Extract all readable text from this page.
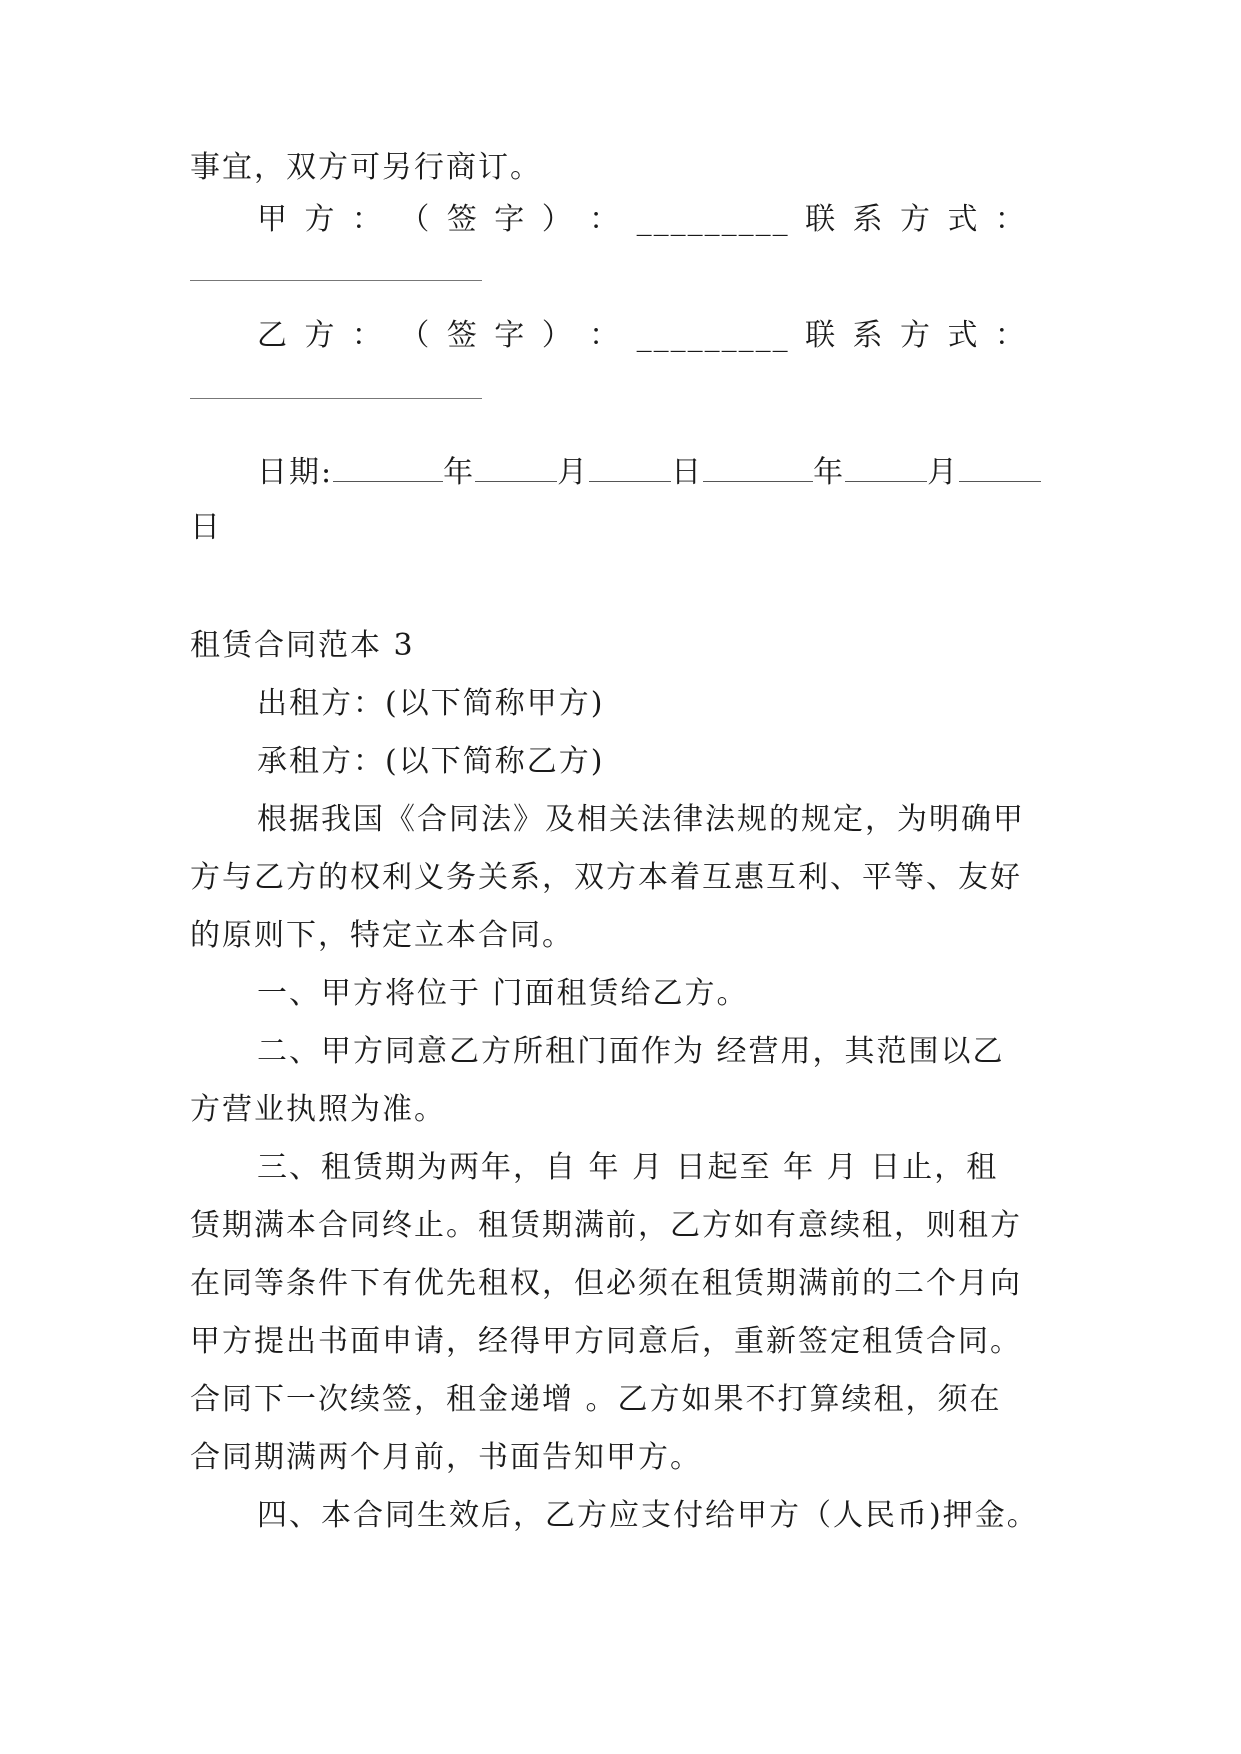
事宜，双方可另行商订。
甲 方 ： （ 签 字 ） ： _________ 联 系 方 式 ：
乙 方 ： （ 签 字 ） ： _________ 联 系 方 式 ：
日期:	年	月	日	年	月
日
租赁合同范本 3
出租方：(以下简称甲方)
承租方：(以下简称乙方)
根据我国《合同法》及相关法律法规的规定，为明确甲
方与乙方的权利义务关系，双方本着互惠互利、平等、友好
的原则下，特定立本合同。
一、甲方将位于 门面租赁给乙方。
二、甲方同意乙方所租门面作为 经营用，其范围以乙
方营业执照为准。
三、租赁期为两年，自 年 月 日起至 年 月 日止，租
赁期满本合同终止。租赁期满前，乙方如有意续租，则租方
在同等条件下有优先租权，但必须在租赁期满前的二个月向
甲方提出书面申请，经得甲方同意后，重新签定租赁合同。
合同下一次续签，租金递增 。乙方如果不打算续租，须在
合同期满两个月前，书面告知甲方。
四、本合同生效后，乙方应支付给甲方（人民币)押金。
